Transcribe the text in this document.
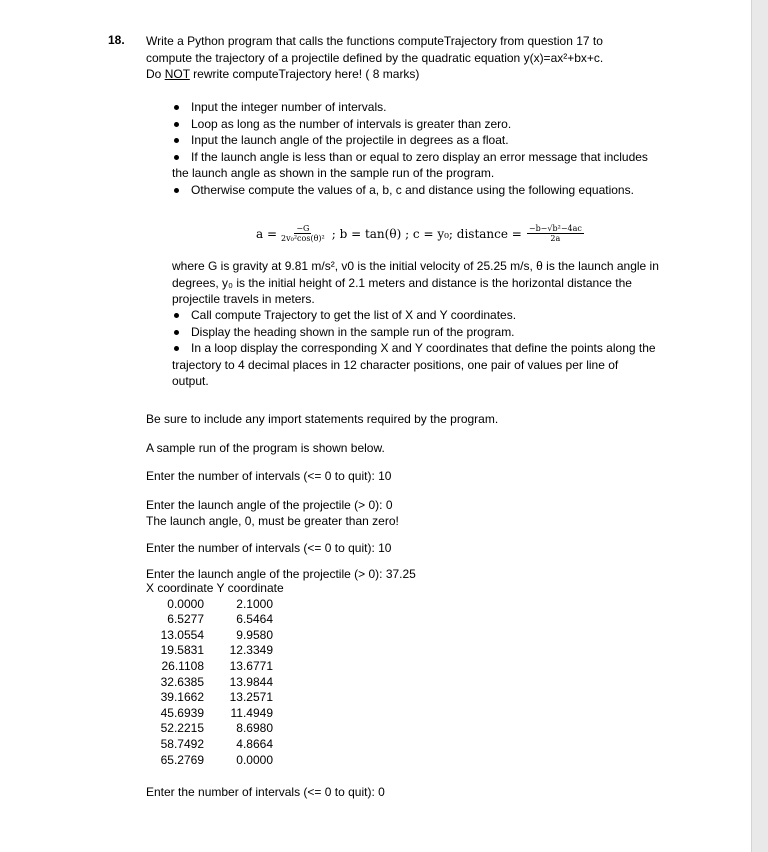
18. Write a Python program that calls the functions computeTrajectory from question 17 to
compute the trajectory of a projectile defined by the quadratic equation y(x)=ax²+bx+c.
Do NOT rewrite computeTrajectory here! ( 8 marks)
Input the integer number of intervals.
Loop as long as the number of intervals is greater than zero.
Input the launch angle of the projectile in degrees as a float.
If the launch angle is less than or equal to zero display an error message that includes
the launch angle as shown in the sample run of the program.
Otherwise compute the values of a, b, c and distance using the following equations.
$a = \frac{-G}{\text{2v₀²cos(θ)²}}$ ; b = tan(θ) ; c = y₀; distance = $\frac{\text{−b−√b²−4ac}}{2a}$
where G is gravity at 9.81 m/s², v0 is the initial velocity of 25.25 m/s, θ is the launch angle in
degrees, y₀ is the initial height of 2.1 meters and distance is the horizontal distance the
projectile travels in meters.
Call compute Trajectory to get the list of X and Y coordinates.
Display the heading shown in the sample run of the program.
In a loop display the corresponding X and Y coordinates that define the points along the
trajectory to 4 decimal places in 12 character positions, one pair of values per line of
output.
Be sure to include any import statements required by the program.
A sample run of the program is shown below.
Enter the number of intervals (<= 0 to quit): 10
Enter the launch angle of the projectile (> 0): 0
The launch angle, 0, must be greater than zero!
Enter the number of intervals (<= 0 to quit): 10
Enter the launch angle of the projectile (> 0): 37.25
X coordinate Y coordinate
0.0000	2.1000
6.5277	6.5464
13.0554	9.9580
19.5831	12.3349
26.1108	13.6771
32.6385	13.9844
39.1662	13.2571
45.6939	11.4949
52.2215	8.6980
58.7492	4.8664
65.2769	0.0000
Enter the number of intervals (<= 0 to quit): 0
